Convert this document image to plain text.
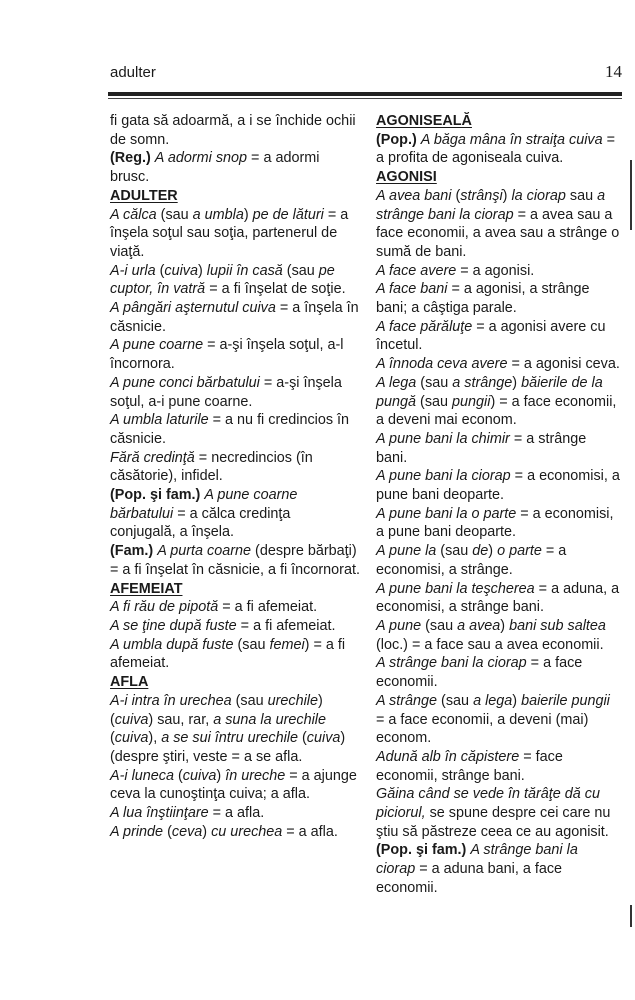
adulter	14

fi gata să adoarmă, a i se închide ochii de somn.

(Reg.) A adormi snop = a adormi brusc.

ADULTER

A călca (sau a umbla) pe de lături = a înşela soţul sau soţia, partenerul de viaţă.

A-i urla (cuiva) lupii în casă (sau pe cuptor, în vatră = a fi înşelat de soţie.

A pângări aşternutul cuiva = a înşela în căsnicie.

A pune coarne = a-şi înşela soţul, a-l încornora.

A pune conci bărbatului = a-şi înşela soţul, a-i pune coarne.

A umbla laturile = a nu fi credincios în căsnicie.

Fără credinţă = necredincios (în căsătorie), infidel.

(Pop. şi fam.) A pune coarne bărbatului = a călca credinţa conjugală, a înşela.

(Fam.) A purta coarne (despre bărbaţi) = a fi înşelat în căsnicie, a fi încornorat.

AFEMEIAT

A fi rău de pipotă = a fi afemeiat.

A se ţine după fuste = a fi afemeiat.

A umbla după fuste (sau femei) = a fi afemeiat.

AFLA

A-i intra în urechea (sau urechile) (cuiva) sau, rar, a suna la urechile (cuiva), a se sui întru urechile (cuiva) (despre ştiri, veste = a se afla.

A-i luneca (cuiva) în ureche = a ajunge ceva la cunoştinţa cuiva; a afla.

A lua înştiinţare = a afla.

A prinde (ceva) cu urechea = a afla.

AGONISEALĂ

(Pop.) A băga mâna în straiţa cuiva = a profita de agoniseala cuiva.

AGONISI

A avea bani (strânşi) la ciorap sau a strânge bani la ciorap = a avea sau a face economii, a avea sau a strânge o sumă de bani.

A face avere = a agonisi.

A face bani = a agonisi, a strânge bani; a câştiga parale.

A face părăluţe = a agonisi avere cu încetul.

A înnoda ceva avere = a agonisi ceva.

A lega (sau a strânge) băierile de la pungă (sau pungii) = a face economii, a deveni mai econom.

A pune bani la chimir = a strânge bani.

A pune bani la ciorap = a economisi, a pune bani deoparte.

A pune bani la o parte = a economisi, a pune bani deoparte.

A pune la (sau de) o parte = a economisi, a strânge.

A pune bani la teşcherea = a aduna, a economisi, a strânge bani.

A pune (sau a avea) bani sub saltea (loc.) = a face sau a avea economii.

A strânge bani la ciorap = a face economii.

A strânge (sau a lega) baierile pungii = a face economii, a deveni (mai) econom.

Adună alb în căpistere = face economii, strânge bani.

Găina când se vede în tărâţe dă cu piciorul, se spune despre cei care nu ştiu să păstreze ceea ce au agonisit.

(Pop. şi fam.) A strânge bani la ciorap = a aduna bani, a face economii.
